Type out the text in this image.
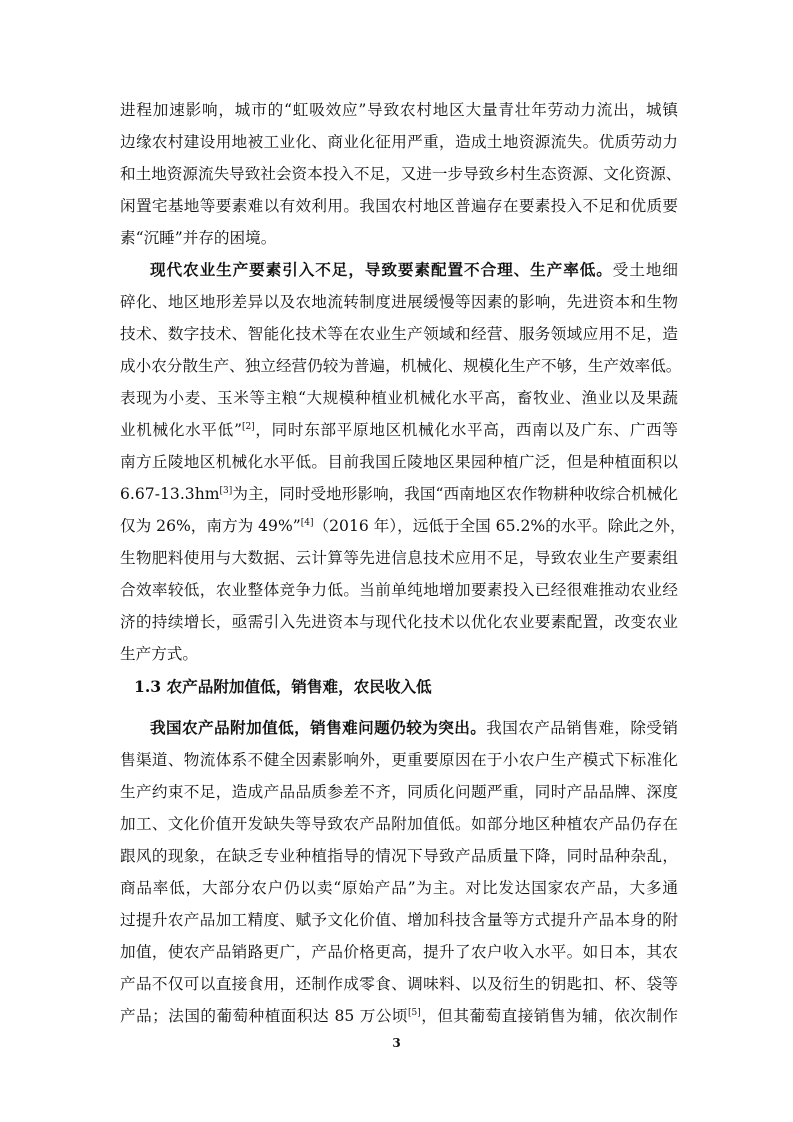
进程加速影响，城市的“虹吸效应”导致农村地区大量青壮年劳动力流出，城镇
边缘农村建设用地被工业化、商业化征用严重，造成土地资源流失。优质劳动力
和土地资源流失导致社会资本投入不足，又进一步导致乡村生态资源、文化资源、
闲置宅基地等要素难以有效利用。我国农村地区普遍存在要素投入不足和优质要
素“沉睡”并存的困境。
现代农业生产要素引入不足，导致要素配置不合理、生产率低。受土地细
碎化、地区地形差异以及农地流转制度进展缓慢等因素的影响，先进资本和生物
技术、数字技术、智能化技术等在农业生产领域和经营、服务领域应用不足，造
成小农分散生产、独立经营仍较为普遍，机械化、规模化生产不够，生产效率低。
表现为小麦、玉米等主粮“大规模种植业机械化水平高，畜牧业、渔业以及果蔬
业机械化水平低”[2]，同时东部平原地区机械化水平高，西南以及广东、广西等
南方丘陵地区机械化水平低。目前我国丘陵地区果园种植广泛，但是种植面积以
6.67-13.3hm[3]为主，同时受地形影响，我国“西南地区农作物耕种收综合机械化
仅为 26%，南方为 49%”[4]（2016 年），远低于全国 65.2%的水平。除此之外，
生物肥料使用与大数据、云计算等先进信息技术应用不足，导致农业生产要素组
合效率较低，农业整体竞争力低。当前单纯地增加要素投入已经很难推动农业经
济的持续增长，亟需引入先进资本与现代化技术以优化农业要素配置，改变农业
生产方式。
1.3 农产品附加值低，销售难，农民收入低
我国农产品附加值低，销售难问题仍较为突出。我国农产品销售难，除受销
售渠道、物流体系不健全因素影响外，更重要原因在于小农户生产模式下标准化
生产约束不足，造成产品品质参差不齐，同质化问题严重，同时产品品牌、深度
加工、文化价值开发缺失等导致农产品附加值低。如部分地区种植农产品仍存在
跟风的现象，在缺乏专业种植指导的情况下导致产品质量下降，同时品种杂乱，
商品率低，大部分农户仍以卖“原始产品”为主。对比发达国家农产品，大多通
过提升农产品加工精度、赋予文化价值、增加科技含量等方式提升产品本身的附
加值，使农产品销路更广，产品价格更高，提升了农户收入水平。如日本，其农
产品不仅可以直接食用，还制作成零食、调味料、以及衍生的钥匙扣、杯、袋等
产品；法国的葡萄种植面积达 85 万公顷[5]，但其葡萄直接销售为辅，依次制作
3
